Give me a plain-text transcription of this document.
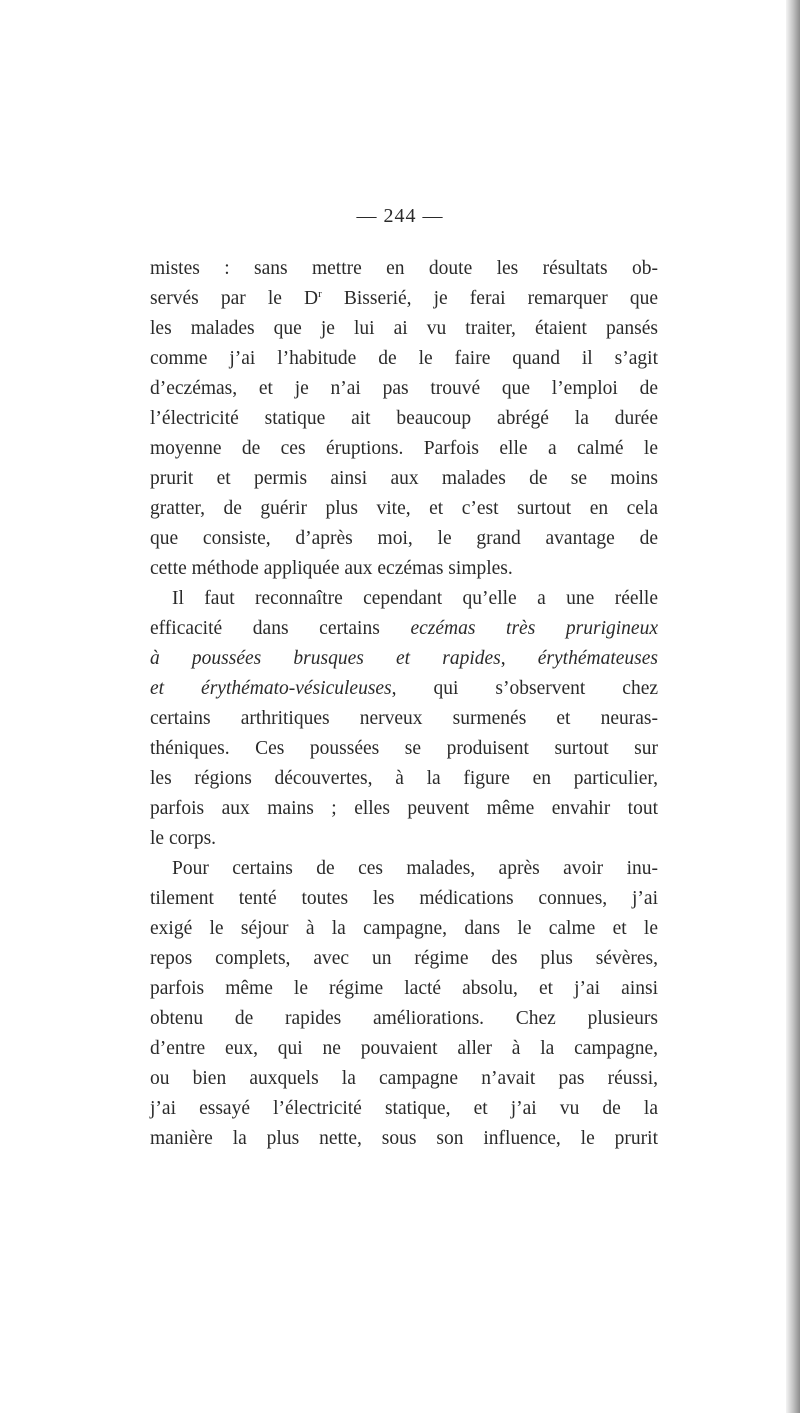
— 244 —
mistes : sans mettre en doute les résultats ob-
servés par le $D^r$ Bisserié, je ferai remarquer que
les malades que je lui ai vu traiter, étaient pansés
comme j’ai l’habitude de le faire quand il s’agit
d’eczémas, et je n’ai pas trouvé que l’emploi de
l’électricité statique ait beaucoup abrégé la durée
moyenne de ces éruptions. Parfois elle a calmé le
prurit et permis ainsi aux malades de se moins
gratter, de guérir plus vite, et c’est surtout en cela
que consiste, d’après moi, le grand avantage de
cette méthode appliquée aux eczémas simples.
Il faut reconnaître cependant qu’elle a une réelle
efficacité dans certains eczémas très prurigineux
à poussées brusques et rapides, érythémateuses
et érythémato-vésiculeuses, qui s’observent chez
certains arthritiques nerveux surmenés et neuras-
théniques. Ces poussées se produisent surtout sur
les régions découvertes, à la figure en particulier,
parfois aux mains ; elles peuvent même envahir tout
le corps.
Pour certains de ces malades, après avoir inu-
tilement tenté toutes les médications connues, j’ai
exigé le séjour à la campagne, dans le calme et le
repos complets, avec un régime des plus sévères,
parfois même le régime lacté absolu, et j’ai ainsi
obtenu de rapides améliorations. Chez plusieurs
d’entre eux, qui ne pouvaient aller à la campagne,
ou bien auxquels la campagne n’avait pas réussi,
j’ai essayé l’électricité statique, et j’ai vu de la
manière la plus nette, sous son influence, le prurit
